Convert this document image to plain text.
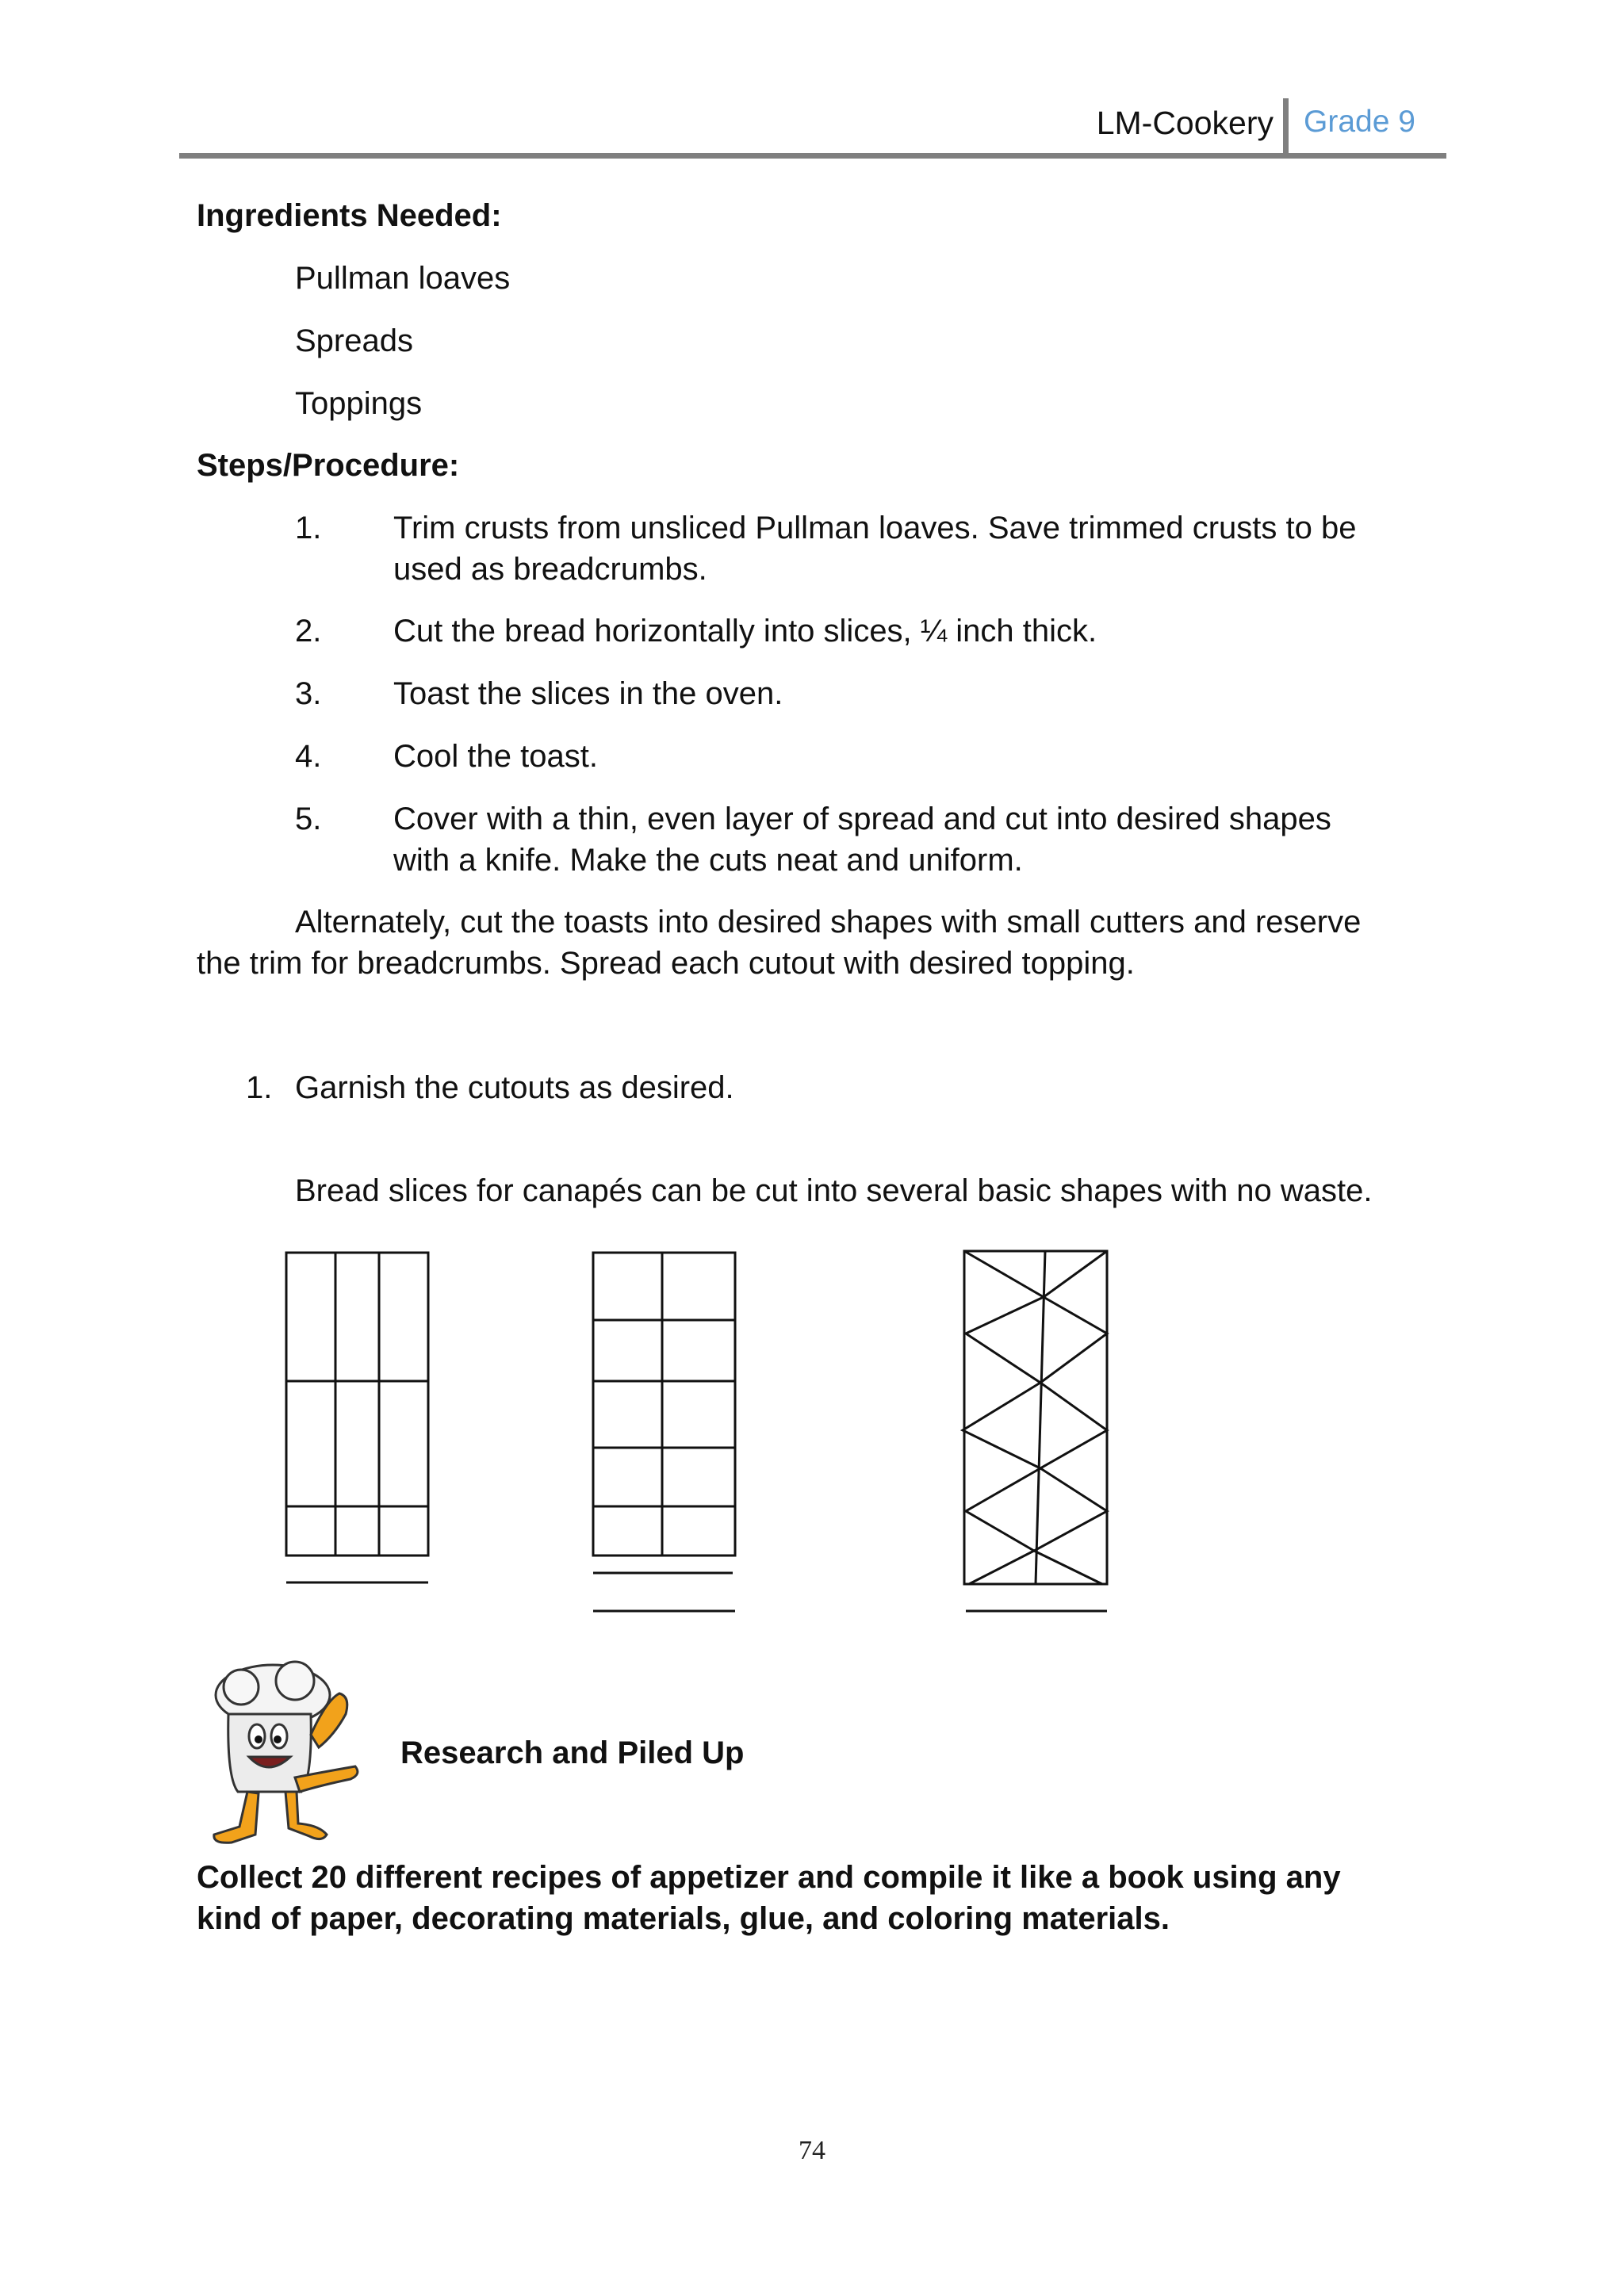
LM-Cookery Grade 9
Ingredients Needed:
Pullman loaves
Spreads
Toppings
Steps/Procedure:
1. Trim crusts from unsliced Pullman loaves. Save trimmed crusts to be
used as breadcrumbs.
2. Cut the bread horizontally into slices, ¼ inch thick.
3. Toast the slices in the oven.
4. Cool the toast.
5. Cover with a thin, even layer of spread and cut into desired shapes
with a knife. Make the cuts neat and uniform.
Alternately, cut the toasts into desired shapes with small cutters and reserve
the trim for breadcrumbs. Spread each cutout with desired topping.
1. Garnish the cutouts as desired.
Bread slices for canapés can be cut into several basic shapes with no waste.
Research and Piled Up
Collect 20 different recipes of appetizer and compile it like a book using any
kind of paper, decorating materials, glue, and coloring materials.
74
